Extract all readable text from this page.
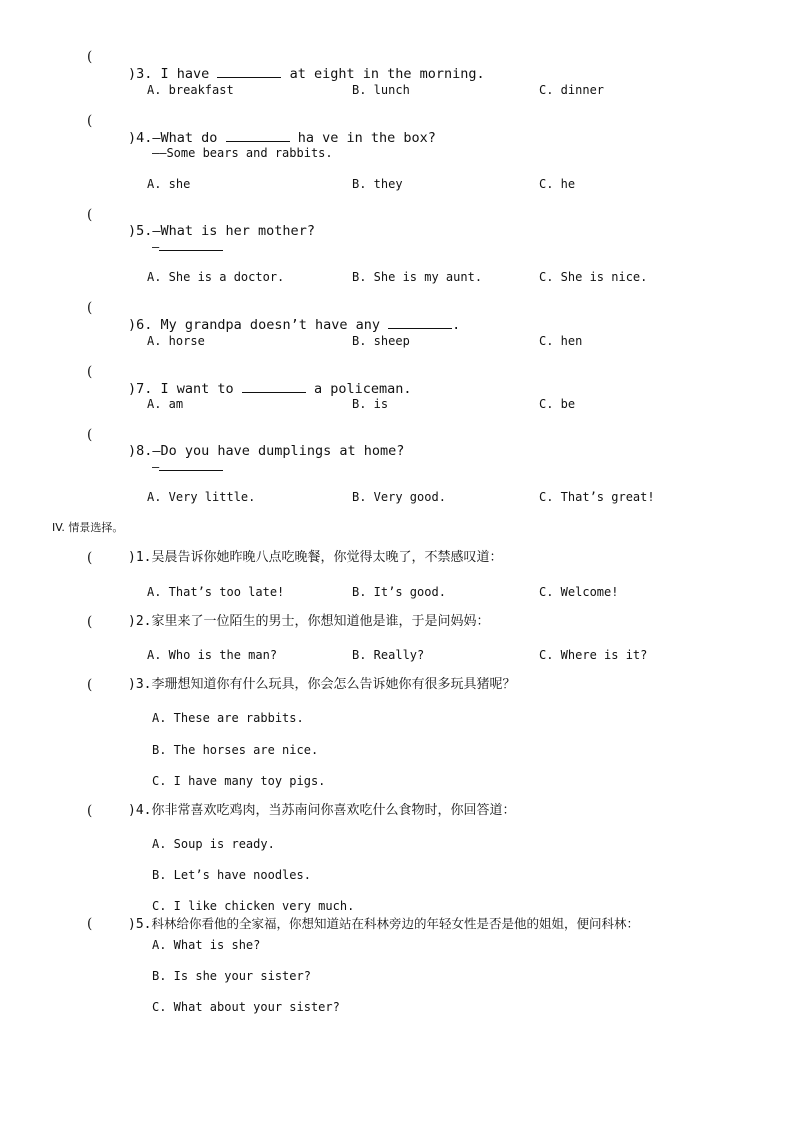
(

)3. I have	at eight in the morning.
A. breakfast	B. lunch	C. dinner
(

)4.—What do	ha ve in the box?
——Some bears and rabbits.
A. she	B. they	C. he
(

)5.—What is her mother?
—
A. She is a doctor.	B. She is my aunt.	C. She is nice.
(

)6. My grandpa doesn’t have any	.
A. horse	B. sheep	C. hen
(

)7. I want to	a policeman.
A. am	B. is	C. be
(

)8.—Do you have dumplings at home?
—
A. Very little.	B. Very good.	C. That’s great!
IV. 情景选择。
(	)1.吴晨告诉你她昨晚八点吃晚餐，你觉得太晚了，不禁感叹道：
A. That’s too late!	B. It’s good.	C. Welcome!
(	)2.家里来了一位陌生的男士，你想知道他是谁，于是问妈妈：
A. Who is the man?	B. Really?	C. Where is it?
(	)3.李珊想知道你有什么玩具，你会怎么告诉她你有很多玩具猪呢？
A. These are rabbits.
B. The horses are nice.
C. I have many toy pigs.
(	)4.你非常喜欢吃鸡肉，当苏南问你喜欢吃什么食物时，你回答道：
A. Soup is ready.
B. Let’s have noodles.
C. I like chicken very much.
(	)5.科林给你看他的全家福，你想知道站在科林旁边的年轻女性是否是他的姐姐，便问科林：
A. What is she?
B. Is she your sister?
C. What about your sister?
